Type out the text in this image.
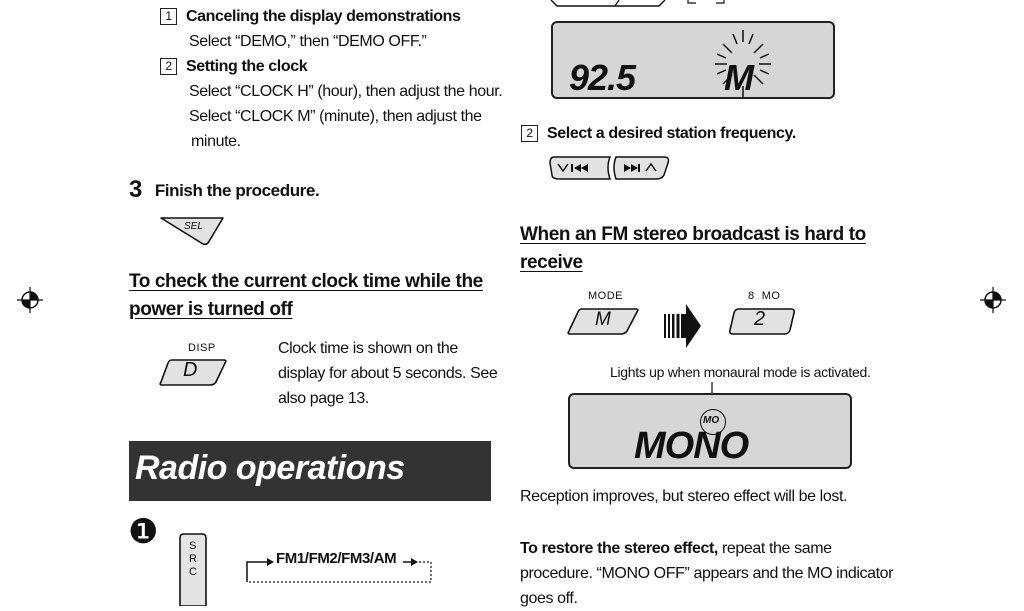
1 Canceling the display demonstrations
Select “DEMO,” then “DEMO OFF.”
2 Setting the clock
Select “CLOCK H” (hour), then adjust the hour.
Select “CLOCK M” (minute), then adjust the
minute.
3 Finish the procedure.
SEL
To check the current clock time while the
power is turned off
DISP
D
Clock time is shown on the
display for about 5 seconds. See
also page 13.
Radio operations
❶	S R C
FM1/FM2/FM3/AM
92.5 M
2 Select a desired station frequency.
When an FM stereo broadcast is hard to
receive
MODE
M
8  MO
2
Lights up when monaural mode is activated.
MO
MONO
Reception improves, but stereo effect will be lost.
To restore the stereo effect, repeat the same
procedure. “MONO OFF” appears and the MO indicator
goes off.
